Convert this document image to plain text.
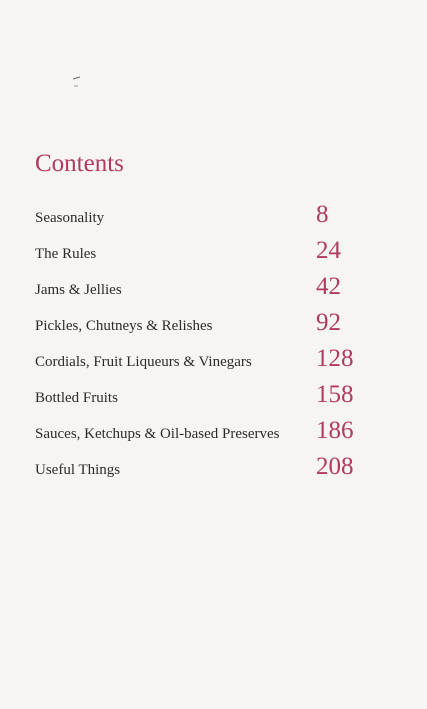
Contents
Seasonality	8
The Rules	24
Jams & Jellies	42
Pickles, Chutneys & Relishes	92
Cordials, Fruit Liqueurs & Vinegars	128
Bottled Fruits	158
Sauces, Ketchups & Oil-based Preserves 186
Useful Things	208
